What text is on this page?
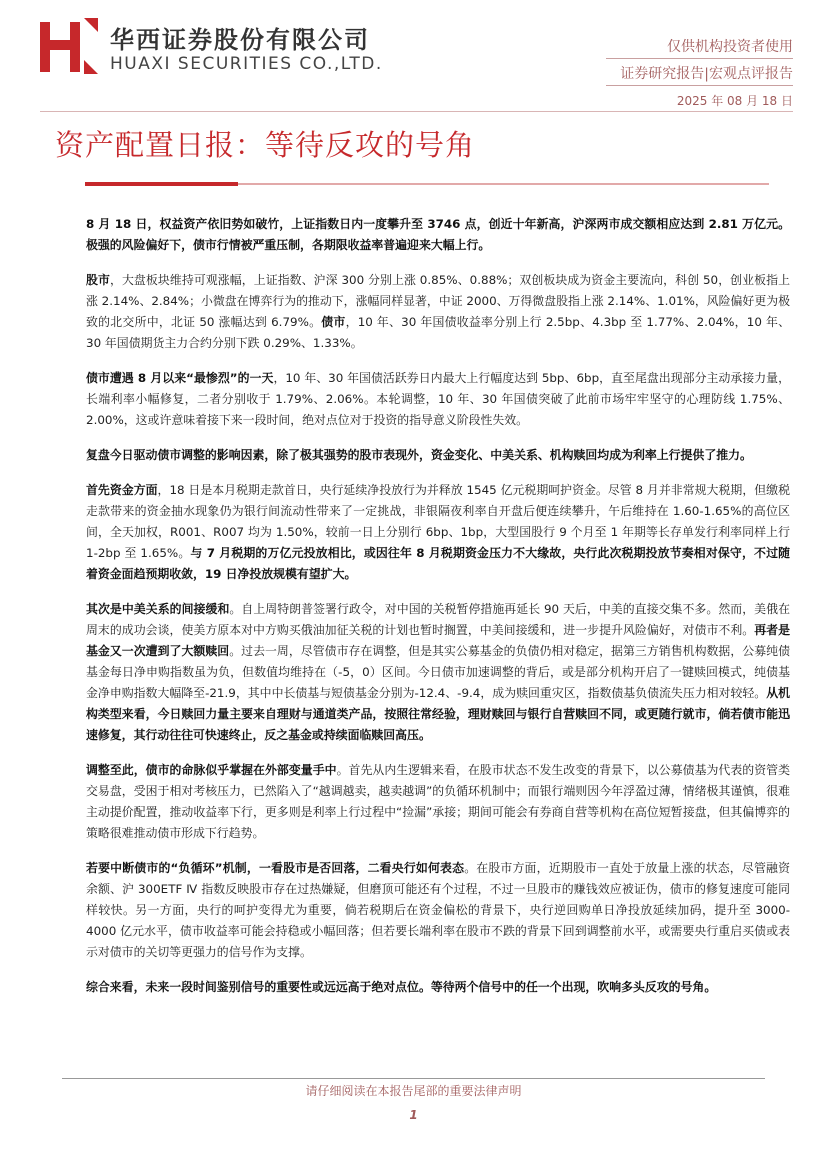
华西证券股份有限公司
HUAXI SECURITIES CO.,LTD.
仅供机构投资者使用
证券研究报告|宏观点评报告
2025 年 08 月 18 日
资产配置日报：等待反攻的号角

8 月 18 日，权益资产依旧势如破竹，上证指数日内一度攀升至 3746 点，创近十年新高，沪深两市成交额相应达到 2.81 万亿元。极强的风险偏好下，债市行情被严重压制，各期限收益率普遍迎来大幅上行。

股市，大盘板块维持可观涨幅，上证指数、沪深 300 分别上涨 0.85%、0.88%；双创板块成为资金主要流向，科创 50，创业板指上涨 2.14%、2.84%；小微盘在博弈行为的推动下，涨幅同样显著，中证 2000、万得微盘股指上涨 2.14%、1.01%，风险偏好更为极致的北交所中，北证 50 涨幅达到 6.79%。债市，10 年、30 年国债收益率分别上行 2.5bp、4.3bp 至 1.77%、2.04%，10 年、30 年国债期货主力合约分别下跌 0.29%、1.33%。

债市遭遇 8 月以来“最惨烈”的一天，10 年、30 年国债活跃券日内最大上行幅度达到 5bp、6bp，直至尾盘出现部分主动承接力量，长端利率小幅修复，二者分别收于 1.79%、2.06%。本轮调整，10 年、30 年国债突破了此前市场牢牢坚守的心理防线 1.75%、2.00%，这或许意味着接下来一段时间，绝对点位对于投资的指导意义阶段性失效。

复盘今日驱动债市调整的影响因素，除了极其强势的股市表现外，资金变化、中美关系、机构赎回均成为利率上行提供了推力。

首先资金方面，18 日是本月税期走款首日，央行延续净投放行为并释放 1545 亿元税期呵护资金。尽管 8 月并非常规大税期，但缴税走款带来的资金抽水现象仍为银行间流动性带来了一定挑战，非银隔夜利率自开盘后便连续攀升，午后维持在 1.60-1.65%的高位区间，全天加权，R001、R007 均为 1.50%，较前一日上分别行 6bp、1bp，大型国股行 9 个月至 1 年期等长存单发行利率同样上行 1-2bp 至 1.65%。与 7 月税期的万亿元投放相比，或因往年 8 月税期资金压力不大缘故，央行此次税期投放节奏相对保守，不过随着资金面趋预期收敛，19 日净投放规模有望扩大。

其次是中美关系的间接缓和。自上周特朗普签署行政令，对中国的关税暂停措施再延长 90 天后，中美的直接交集不多。然而，美俄在周末的成功会谈，使美方原本对中方购买俄油加征关税的计划也暂时搁置，中美间接缓和，进一步提升风险偏好，对债市不利。再者是基金又一次遭到了大额赎回。过去一周，尽管债市存在调整，但是其实公募基金的负债仍相对稳定，据第三方销售机构数据，公募纯债基金每日净申购指数虽为负，但数值均维持在（-5，0）区间。今日债市加速调整的背后，或是部分机构开启了一键赎回模式，纯债基金净申购指数大幅降至-21.9，其中中长债基与短债基金分别为-12.4、-9.4，成为赎回重灾区，指数债基负债流失压力相对较轻。从机构类型来看，今日赎回力量主要来自理财与通道类产品，按照往常经验，理财赎回与银行自营赎回不同，或更随行就市，倘若债市能迅速修复，其行动往往可快速终止，反之基金或持续面临赎回高压。

调整至此，债市的命脉似乎掌握在外部变量手中。首先从内生逻辑来看，在股市状态不发生改变的背景下，以公募债基为代表的资管类交易盘，受困于相对考核压力，已然陷入了“越调越卖，越卖越调”的负循环机制中；而银行端则因今年浮盈过薄，情绪极其谨慎，很难主动提价配置，推动收益率下行，更多则是利率上行过程中“捡漏”承接；期间可能会有券商自营等机构在高位短暂接盘，但其偏博弈的策略很难推动债市形成下行趋势。

若要中断债市的“负循环”机制，一看股市是否回落，二看央行如何表态。在股市方面，近期股市一直处于放量上涨的状态，尽管融资余额、沪 300ETF Ⅳ 指数反映股市存在过热嫌疑，但磨顶可能还有个过程，不过一旦股市的赚钱效应被证伪，债市的修复速度可能同样较快。另一方面，央行的呵护变得尤为重要，倘若税期后在资金偏松的背景下，央行逆回购单日净投放延续加码，提升至 3000-4000 亿元水平，债市收益率可能会持稳或小幅回落；但若要长端利率在股市不跌的背景下回到调整前水平，或需要央行重启买债或表示对债市的关切等更强力的信号作为支撑。

综合来看，未来一段时间鉴别信号的重要性或远远高于绝对点位。等待两个信号中的任一个出现，吹响多头反攻的号角。

请仔细阅读在本报告尾部的重要法律声明
1
